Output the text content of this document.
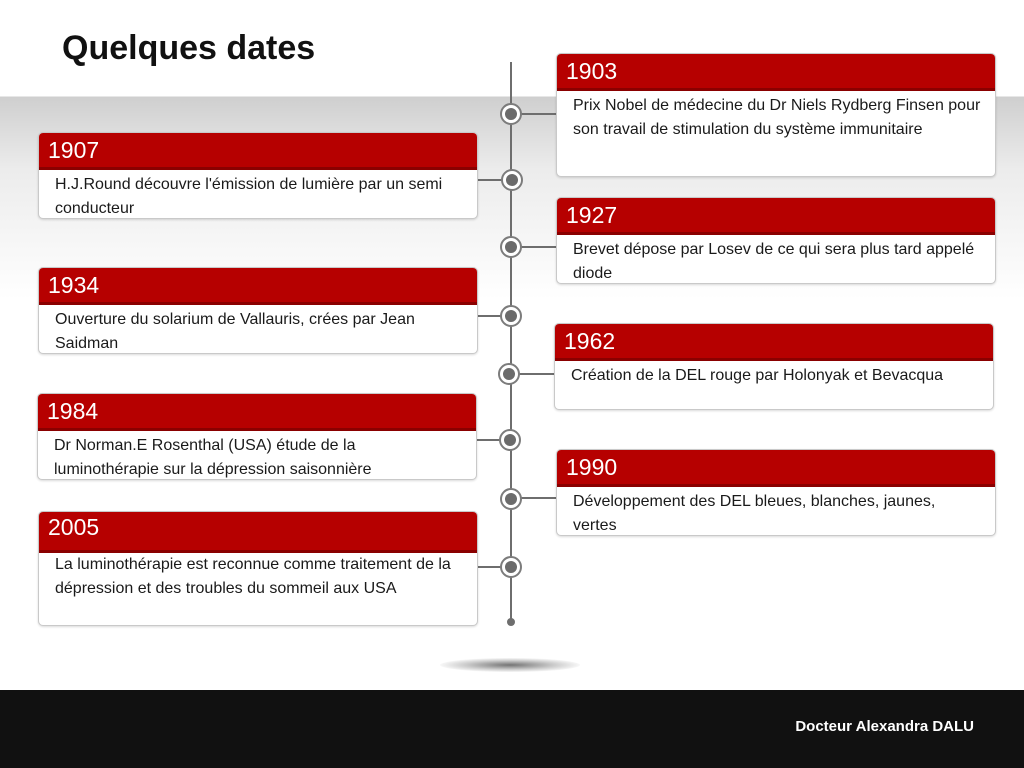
Quelques dates
1903
Prix Nobel de médecine du Dr Niels Rydberg Finsen pour son travail de stimulation du système immunitaire
1907
H.J.Round découvre l'émission de lumière par un semi conducteur	1927
Brevet dépose par Losev de ce qui sera plus tard appelé diode
1934
Ouverture du solarium de Vallauris, crées par Jean Saidman	1962
Création de la DEL rouge par Holonyak et Bevacqua
1984
Dr Norman.E Rosenthal (USA) étude de la luminothérapie sur la dépression saisonnière	1990
Développement des DEL bleues, blanches, jaunes, vertes
2005
La luminothérapie est reconnue comme traitement de la dépression et des troubles du sommeil aux USA
Docteur Alexandra DALU
